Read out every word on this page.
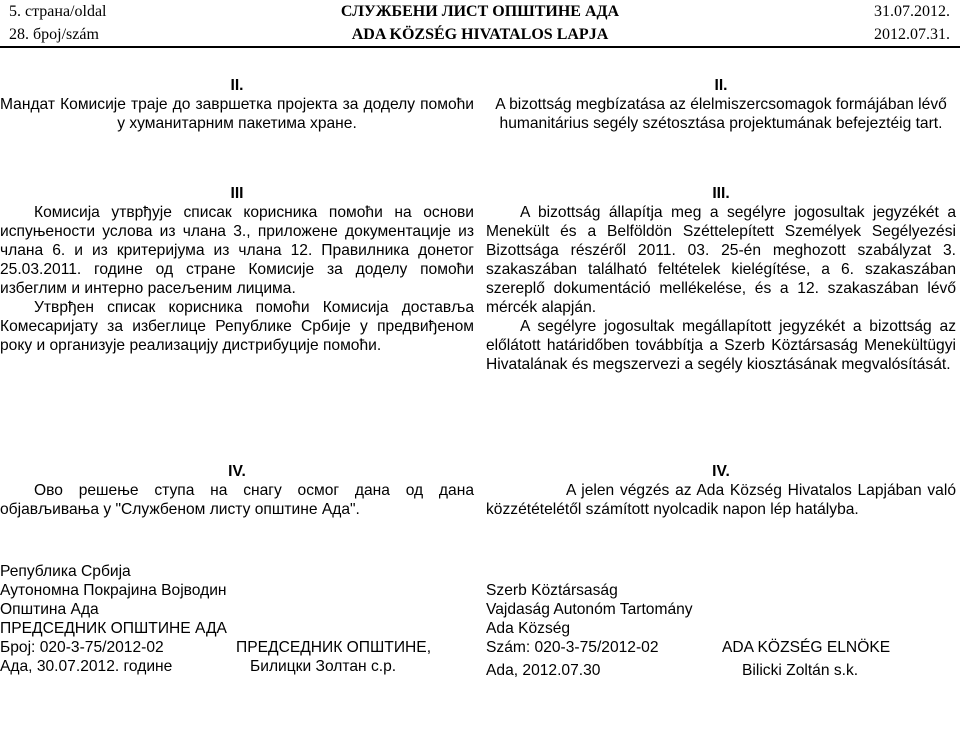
5. страна/oldal
28. број/szám
СЛУЖБЕНИ ЛИСТ ОПШТИНЕ АДА
ADA KÖZSÉG HIVATALOS LAPJA
31.07.2012.
2012.07.31.
II.
Мандат Комисије траје до завршетка пројекта за доделу помоћи у хуманитарним пакетима хране.
III
Комисија утврђује списак корисника помоћи на основи испуњености услова из члана 3., приложене документације из члана 6. и из критеријума из члана 12. Правилника донетог 25.03.2011. године од стране Комисије за доделу помоћи избеглим и интерно расељеним лицима.
Утврђен списак корисника помоћи Комисија доставља Комесаријату за избеглице Републике Србије у предвиђеном року и организује реализацију дистрибуције помоћи.
IV.
Ово решење ступа на снагу осмог дана од дана објављивања у "Службеном листу општине Ада".
Република Србија
Аутономна Покрајина Војводин
Општина Ада
ПРЕДСЕДНИК ОПШТИНЕ АДА
Број: 020-3-75/2012-02	ПРЕДСЕДНИК ОПШТИНЕ,
Ада, 30.07.2012. године	Билицки Золтан с.р.
II.
A bizottság megbízatása az élelmiszercsomagok formájában lévő humanitárius segély szétosztása projektumának befejeztéig tart.
III.
A bizottság állapítja meg a segélyre jogosultak jegyzékét a Menekült és a Belföldön Széttelepített Személyek Segélyezési Bizottsága részéről 2011. 03. 25-én meghozott szabályzat 3. szakaszában található feltételek kielégítése, a 6. szakaszában szereplő dokumentáció mellékelése, és a 12. szakaszában lévő mércék alapján.
A segélyre jogosultak megállapított jegyzékét a bizottság az előlátott határidőben továbbítja a Szerb Köztársaság Menekültügyi Hivatalának és megszervezi a segély kiosztásának megvalósítását.
IV.
A jelen végzés az Ada Község Hivatalos Lapjában való közzétételétől számított nyolcadik napon lép hatályba.
Szerb Köztársaság
Vajdaság Autonóm Tartomány
Ada Község
Szám: 020-3-75/2012-02	ADA KÖZSÉG ELNÖKE
Ada, 2012.07.30	Bilicki Zoltán s.k.
